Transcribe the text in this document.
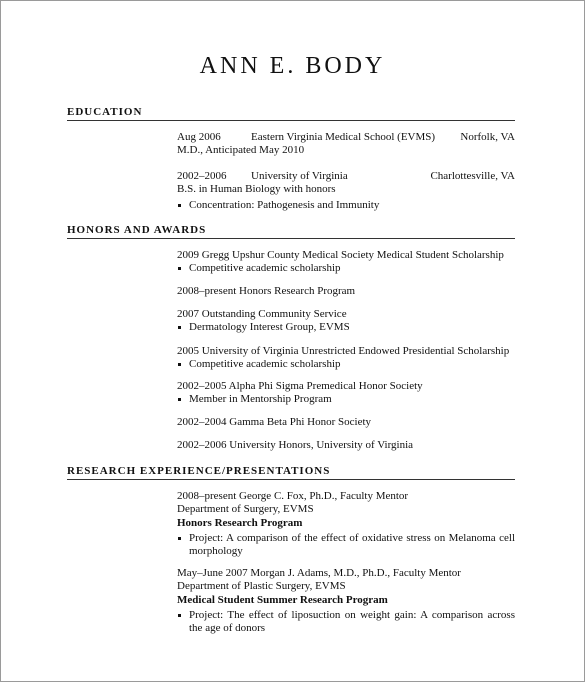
ANN E. BODY
EDUCATION
Aug 2006	Eastern Virginia Medical School (EVMS) Norfolk, VA
M.D., Anticipated May 2010
2002–2006	University of Virginia	Charlottesville, VA
B.S. in Human Biology with honors
Concentration: Pathogenesis and Immunity
HONORS AND AWARDS
2009 Gregg Upshur County Medical Society Medical Student Scholarship
Competitive academic scholarship
2008–present Honors Research Program
2007 Outstanding Community Service
Dermatology Interest Group, EVMS
2005 University of Virginia Unrestricted Endowed Presidential Scholarship
Competitive academic scholarship
2002–2005 Alpha Phi Sigma Premedical Honor Society
Member in Mentorship Program
2002–2004 Gamma Beta Phi Honor Society
2002–2006 University Honors, University of Virginia
RESEARCH EXPERIENCE/PRESENTATIONS
2008–present George C. Fox, Ph.D., Faculty Mentor
Department of Surgery, EVMS
Honors Research Program
Project: A comparison of the effect of oxidative stress on Melanoma cell morphology
May–June 2007 Morgan J. Adams, M.D., Ph.D., Faculty Mentor
Department of Plastic Surgery, EVMS
Medical Student Summer Research Program
Project: The effect of liposuction on weight gain: A comparison across the age of donors
